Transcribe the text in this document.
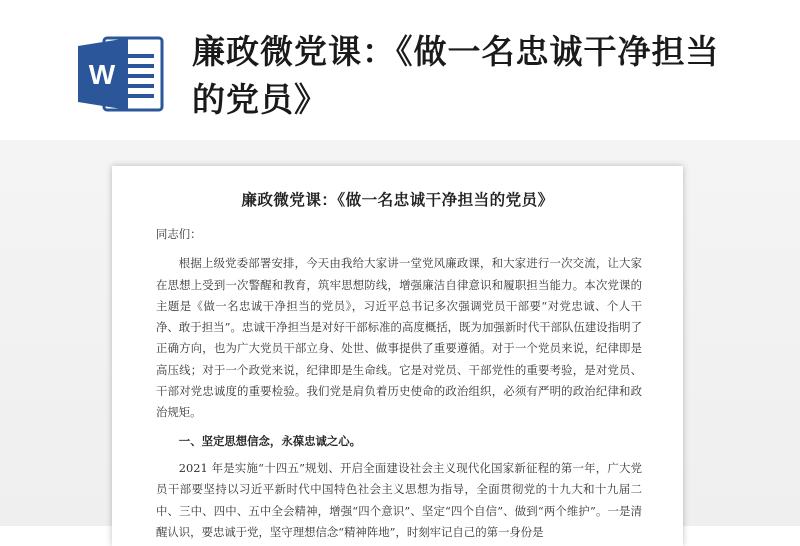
W
廉政微党课：《做一名忠诚干净担当的党员》
廉政微党课：《做一名忠诚干净担当的党员》

同志们：

根据上级党委部署安排，今天由我给大家讲一堂党风廉政课，和大家进行一次交流，让大家在思想上受到一次警醒和教育，筑牢思想防线，增强廉洁自律意识和履职担当能力。本次党课的主题是《做一名忠诚干净担当的党员》，习近平总书记多次强调党员干部要“对党忠诚、个人干净、敢于担当”。忠诚干净担当是对好干部标准的高度概括，既为加强新时代干部队伍建设指明了正确方向，也为广大党员干部立身、处世、做事提供了重要遵循。对于一个党员来说，纪律即是高压线；对于一个政党来说，纪律即是生命线。它是对党员、干部党性的重要考验，是对党员、干部对党忠诚度的重要检验。我们党是肩负着历史使命的政治组织，必须有严明的政治纪律和政治规矩。

一、坚定思想信念，永葆忠诚之心。

2021 年是实施“十四五”规划、开启全面建设社会主义现代化国家新征程的第一年，广大党员干部要坚持以习近平新时代中国特色社会主义思想为指导，全面贯彻党的十九大和十九届二中、三中、四中、五中全会精神，增强“四个意识”、坚定“四个自信”、做到“两个维护”。一是清醒认识，要忠诚于党，坚守理想信念“精神阵地”，时刻牢记自己的第一身份是
